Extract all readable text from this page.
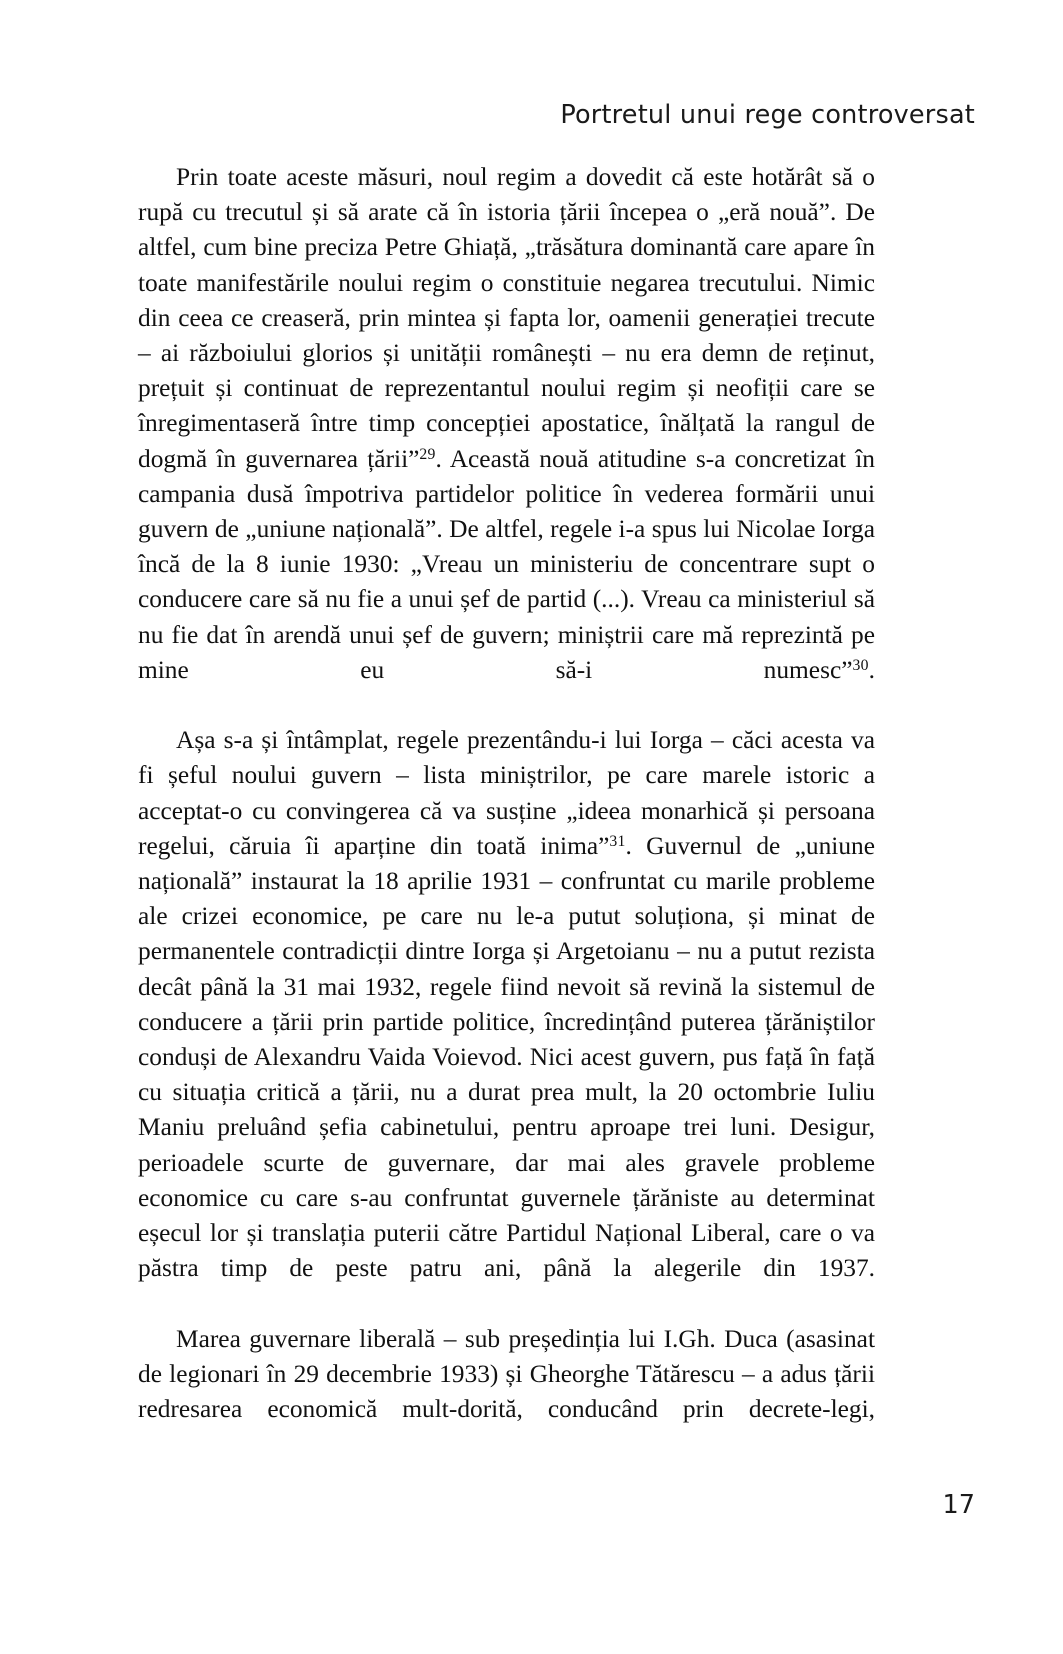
Portretul unui rege controversat

Prin toate aceste măsuri, noul regim a dovedit că este hotărât să o rupă cu trecutul și să arate că în istoria țării începea o „eră nouă”. De altfel, cum bine preciza Petre Ghiață, „trăsătura dominantă care apare în toate manifestările noului regim o constituie negarea trecutului. Nimic din ceea ce creaseră, prin mintea și fapta lor, oamenii generației trecute – ai războiului glorios și unității românești – nu era demn de reținut, prețuit și continuat de reprezentantul noului regim și neofiții care se înregimentaseră între timp concepției apostatice, înălțată la rangul de dogmă în guvernarea țării”$^{29}$. Această nouă atitudine s-a concretizat în campania dusă împotriva partidelor politice în vederea formării unui guvern de „uniune națională”. De altfel, regele i-a spus lui Nicolae Iorga încă de la 8 iunie 1930: „Vreau un ministeriu de concentrare supt o conducere care să nu fie a unui șef de partid (...). Vreau ca ministeriul să nu fie dat în arendă unui șef de guvern; miniștrii care mă reprezintă pe mine eu să-i numesc”$^{30}$.

Așa s-a și întâmplat, regele prezentându-i lui Iorga – căci acesta va fi șeful noului guvern – lista miniștrilor, pe care marele istoric a acceptat-o cu convingerea că va susține „ideea monarhică și persoana regelui, căruia îi aparține din toată inima”$^{31}$. Guvernul de „uniune națională” instaurat la 18 aprilie 1931 – confruntat cu marile probleme ale crizei economice, pe care nu le-a putut soluționa, și minat de permanentele contradicții dintre Iorga și Argetoianu – nu a putut rezista decât până la 31 mai 1932, regele fiind nevoit să revină la sistemul de conducere a țării prin partide politice, încredințând puterea țărăniștilor conduși de Alexandru Vaida Voievod. Nici acest guvern, pus față în față cu situația critică a țării, nu a durat prea mult, la 20 octombrie Iuliu Maniu preluând șefia cabinetului, pentru aproape trei luni. Desigur, perioadele scurte de guvernare, dar mai ales gravele probleme economice cu care s-au confruntat guvernele țărăniste au determinat eșecul lor și translația puterii către Partidul Național Liberal, care o va păstra timp de peste patru ani, până la alegerile din 1937.

Marea guvernare liberală – sub președinția lui I.Gh. Duca (asasinat de legionari în 29 decembrie 1933) și Gheorghe Tătărescu – a adus țării redresarea economică mult-dorită, conducând prin decrete-legi,

17
